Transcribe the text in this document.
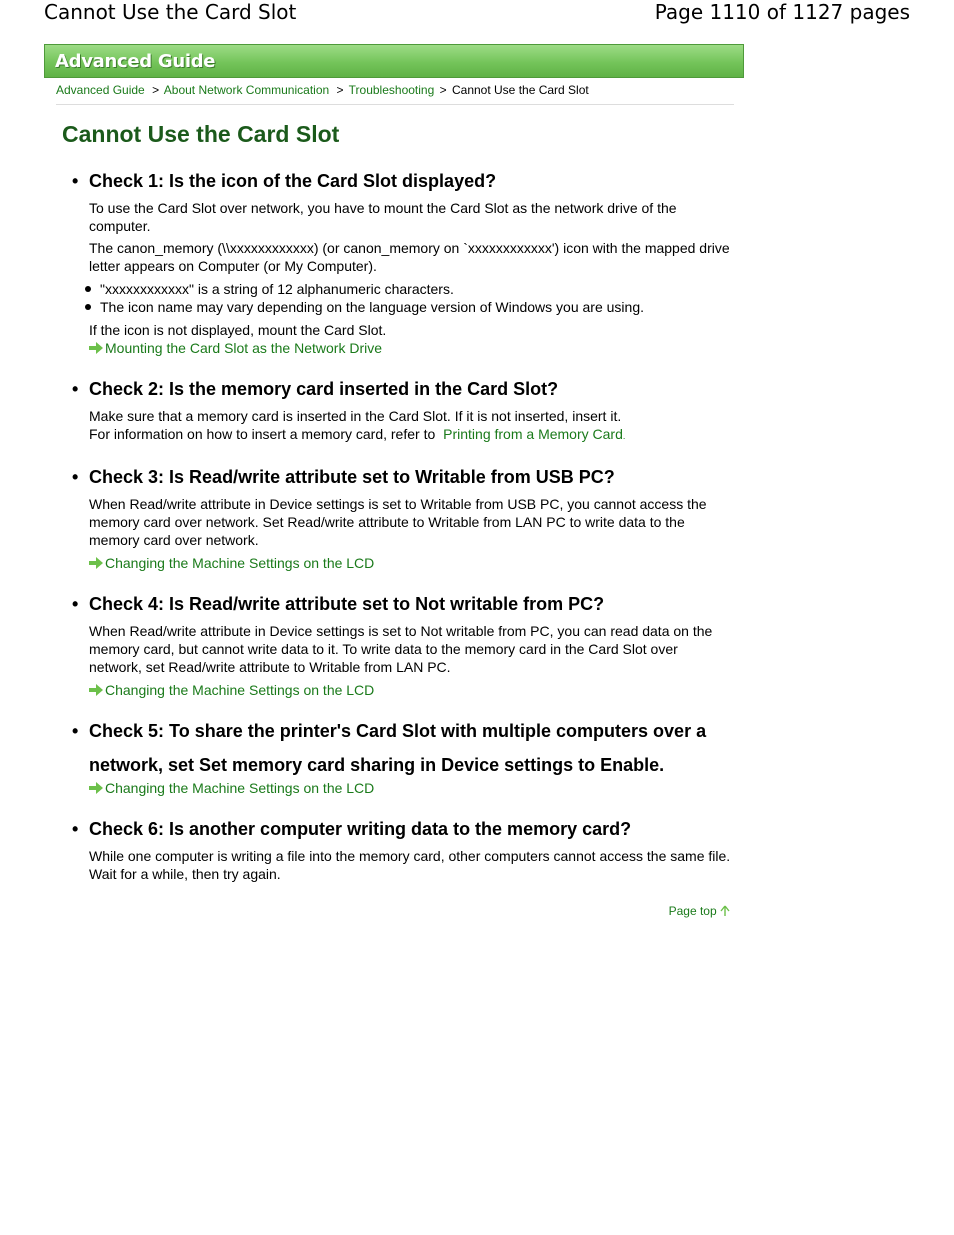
Cannot Use the Card Slot	Page 1110 of 1127 pages
Advanced Guide
Advanced Guide > About Network Communication > Troubleshooting > Cannot Use the Card Slot
Cannot Use the Card Slot
• Check 1: Is the icon of the Card Slot displayed?

To use the Card Slot over network, you have to mount the Card Slot as the network drive of the computer.

The canon_memory (\\xxxxxxxxxxxx) (or canon_memory on `xxxxxxxxxxxx') icon with the mapped drive letter appears on Computer (or My Computer).

"xxxxxxxxxxxx" is a string of 12 alphanumeric characters.
The icon name may vary depending on the language version of Windows you are using.

If the icon is not displayed, mount the Card Slot.

Mounting the Card Slot as the Network Drive

• Check 2: Is the memory card inserted in the Card Slot?

Make sure that a memory card is inserted in the Card Slot. If it is not inserted, insert it.

For information on how to insert a memory card, refer to Printing from a Memory Card.

• Check 3: Is Read/write attribute set to Writable from USB PC?

When Read/write attribute in Device settings is set to Writable from USB PC, you cannot access the memory card over network. Set Read/write attribute to Writable from LAN PC to write data to the memory card over network.

Changing the Machine Settings on the LCD

• Check 4: Is Read/write attribute set to Not writable from PC?

When Read/write attribute in Device settings is set to Not writable from PC, you can read data on the memory card, but cannot write data to it. To write data to the memory card in the Card Slot over network, set Read/write attribute to Writable from LAN PC.

Changing the Machine Settings on the LCD

• Check 5: To share the printer's Card Slot with multiple computers over a network, set Set memory card sharing in Device settings to Enable.

Changing the Machine Settings on the LCD

• Check 6: Is another computer writing data to the memory card?

While one computer is writing a file into the memory card, other computers cannot access the same file. Wait for a while, then try again.

Page top
